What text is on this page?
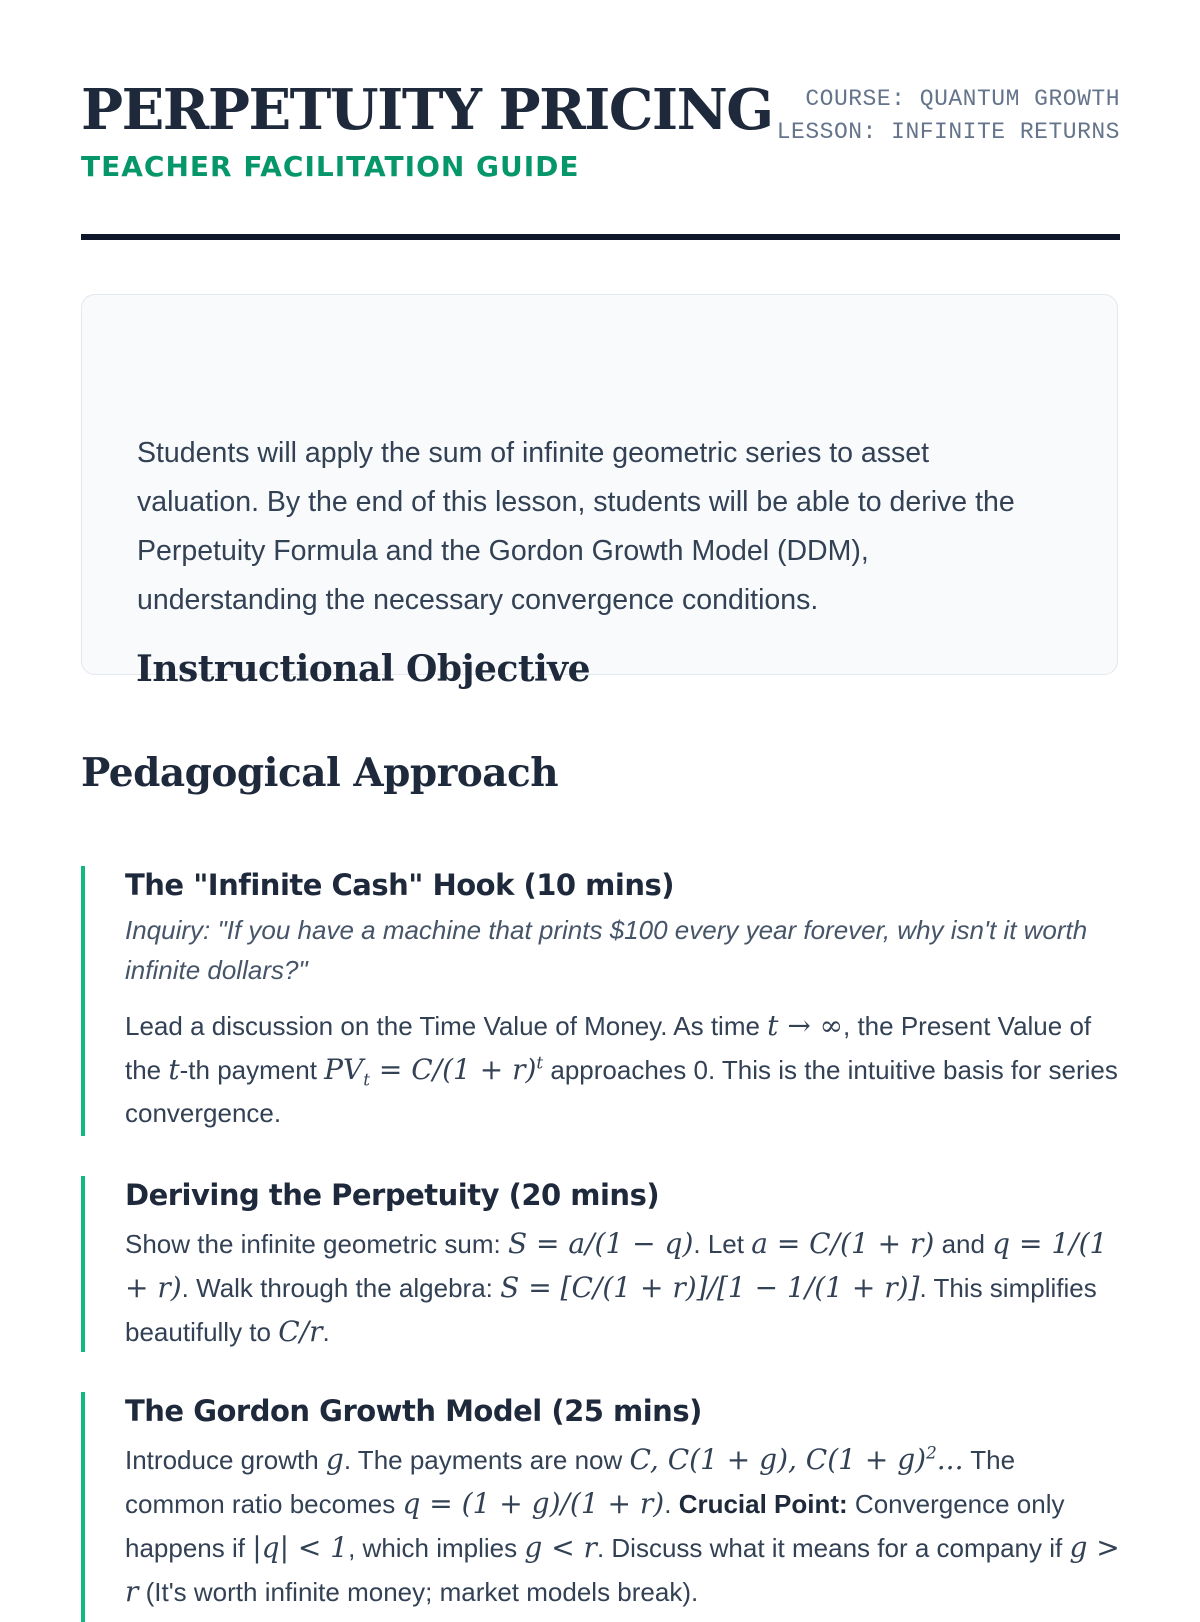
PERPETUITY PRICING
TEACHER FACILITATION GUIDE
COURSE: QUANTUM GROWTH
LESSON: INFINITE RETURNS
Instructional Objective

Students will apply the sum of infinite geometric series to asset valuation. By the end of this lesson, students will be able to derive the Perpetuity Formula and the Gordon Growth Model (DDM), understanding the necessary convergence conditions.

Pedagogical Approach
The "Infinite Cash" Hook (10 mins)

Inquiry: "If you have a machine that prints $100 every year forever, why isn't it worth infinite dollars?"

Lead a discussion on the Time Value of Money. As time t → ∞, the Present Value of the t-th payment $PV_t = C/(1 + r)^t$ approaches 0. This is the intuitive basis for series convergence.

Deriving the Perpetuity (20 mins)

Show the infinite geometric sum: S = a/(1 − q). Let a = C/(1 + r) and q = 1/(1 + r). Walk through the algebra: S = [C/(1 + r)]/[1 − 1/(1 + r)]. This simplifies beautifully to C/r.

The Gordon Growth Model (25 mins)

Introduce growth g. The payments are now C, C(1 + g), $C(1 + g)^2$... The common ratio becomes q = (1 + g)/(1 + r). Crucial Point: Convergence only happens if |q| < 1, which implies g < r. Discuss what it means for a company if g > r (It's worth infinite money; market models break).
